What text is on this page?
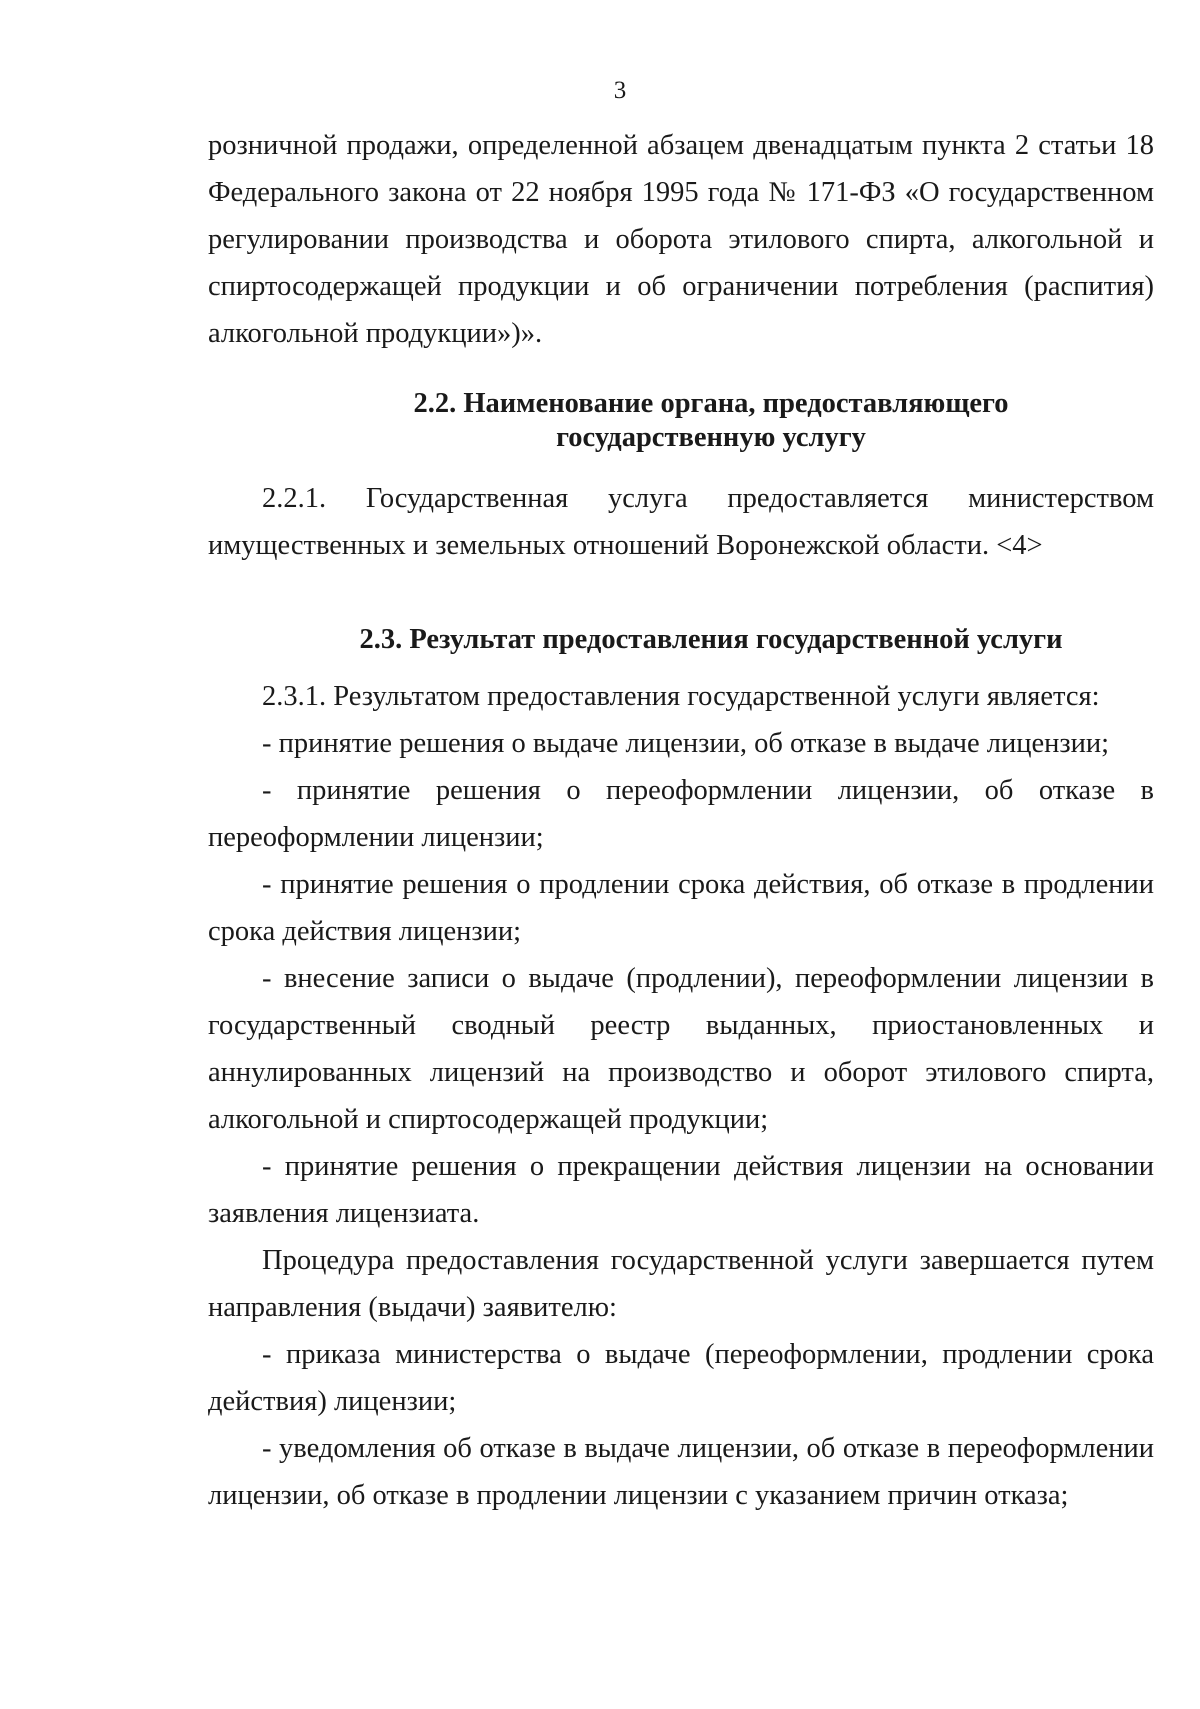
3

розничной продажи, определенной абзацем двенадцатым пункта 2 статьи 18 Федерального закона от 22 ноября 1995 года № 171-ФЗ «О государственном регулировании производства и оборота этилового спирта, алкогольной и спиртосодержащей продукции и об ограничении потребления (распития) алкогольной продукции»)».

2.2. Наименование органа, предоставляющего
государственную услугу

2.2.1. Государственная услуга предоставляется министерством имущественных и земельных отношений Воронежской области. <4>

2.3. Результат предоставления государственной услуги

2.3.1. Результатом предоставления государственной услуги является:

- принятие решения о выдаче лицензии, об отказе в выдаче лицензии;

- принятие решения о переоформлении лицензии, об отказе в переоформлении лицензии;

- принятие решения о продлении срока действия, об отказе в продлении срока действия лицензии;

- внесение записи о выдаче (продлении), переоформлении лицензии в государственный сводный реестр выданных, приостановленных и аннулированных лицензий на производство и оборот этилового спирта, алкогольной и спиртосодержащей продукции;

- принятие решения о прекращении действия лицензии на основании заявления лицензиата.

Процедура предоставления государственной услуги завершается путем направления (выдачи) заявителю:

- приказа министерства о выдаче (переоформлении, продлении срока действия) лицензии;

- уведомления об отказе в выдаче лицензии, об отказе в переоформлении лицензии, об отказе в продлении лицензии с указанием причин отказа;
